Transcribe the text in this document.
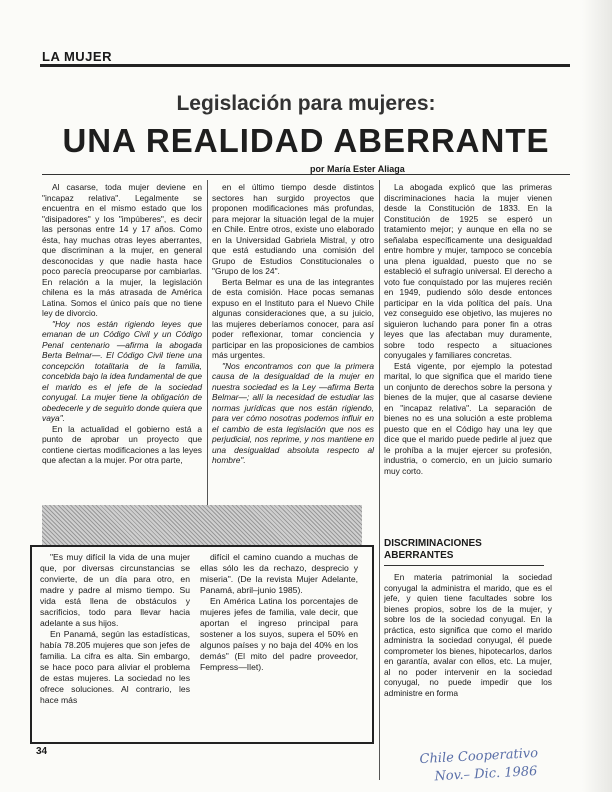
LA MUJER
Legislación para mujeres:
UNA REALIDAD ABERRANTE
por María Ester Aliaga

Al casarse, toda mujer deviene en "incapaz relativa". Legalmente se encuentra en el mismo estado que los "disipadores" y los "impúberes", es decir las personas entre 14 y 17 años. Como ésta, hay muchas otras leyes aberrantes, que discriminan a la mujer, en general desconocidas y que nadie hasta hace poco parecía preocuparse por cambiarlas. En relación a la mujer, la legislación chilena es la más atrasada de América Latina. Somos el único país que no tiene ley de divorcio.

"Hoy nos están rigiendo leyes que emanan de un Código Civil y un Código Penal centenario —afirma la abogada Berta Belmar—. El Código Civil tiene una concepción totalitaria de la familia, concebida bajo la idea fundamental de que el marido es el jefe de la sociedad conyugal. La mujer tiene la obligación de obedecerle y de seguirlo donde quiera que vaya".

En la actualidad el gobierno está a punto de aprobar un proyecto que contiene ciertas modificaciones a las leyes que afectan a la mujer. Por otra parte,

en el último tiempo desde distintos sectores han surgido proyectos que proponen modificaciones más profundas, para mejorar la situación legal de la mujer en Chile. Entre otros, existe uno elaborado en la Universidad Gabriela Mistral, y otro que está estudiando una comisión del Grupo de Estudios Constitucionales o "Grupo de los 24".

Berta Belmar es una de las integrantes de esta comisión. Hace pocas semanas expuso en el Instituto para el Nuevo Chile algunas consideraciones que, a su juicio, las mujeres deberíamos conocer, para así poder reflexionar, tomar conciencia y participar en las proposiciones de cambios más urgentes.

"Nos encontramos con que la primera causa de la desigualdad de la mujer en nuestra sociedad es la Ley —afirma Berta Belmar—; allí la necesidad de estudiar las normas jurídicas que nos están rigiendo, para ver cómo nosotras podemos influir en el cambio de esta legislación que nos es perjudicial, nos reprime, y nos mantiene en una desigualdad absoluta respecto al hombre".

La abogada explicó que las primeras discriminaciones hacia la mujer vienen desde la Constitución de 1833. En la Constitución de 1925 se esperó un tratamiento mejor; y aunque en ella no se señalaba específicamente una desigualdad entre hombre y mujer, tampoco se concebía una plena igualdad, puesto que no se estableció el sufragio universal. El derecho a voto fue conquistado por las mujeres recién en 1949, pudiendo sólo desde entonces participar en la vida política del país. Una vez conseguido ese objetivo, las mujeres no siguieron luchando para poner fin a otras leyes que las afectaban muy duramente, sobre todo respecto a situaciones conyugales y familiares concretas.

Está vigente, por ejemplo la potestad marital, lo que significa que el marido tiene un conjunto de derechos sobre la persona y bienes de la mujer, que al casarse deviene en "incapaz relativa". La separación de bienes no es una solución a este problema puesto que en el Código hay una ley que dice que el marido puede pedirle al juez que le prohíba a la mujer ejercer su profesión, industria, o comercio, en un juicio sumario muy corto.

DISCRIMINACIONES ABERRANTES

En materia patrimonial la sociedad conyugal la administra el marido, que es el jefe, y quien tiene facultades sobre los bienes propios, sobre los de la mujer, y sobre los de la sociedad conyugal. En la práctica, esto significa que como el marido administra la sociedad conyugal, él puede comprometer los bienes, hipotecarlos, darlos en garantía, avalar con ellos, etc. La mujer, al no poder intervenir en la sociedad conyugal, no puede impedir que los administre en forma

"Es muy difícil la vida de una mujer que, por diversas circunstancias se convierte, de un día para otro, en madre y padre al mismo tiempo. Su vida está llena de obstáculos y sacrificios, todo para llevar hacia adelante a sus hijos.

En Panamá, según las estadísticas, había 78.205 mujeres que son jefes de familia. La cifra es alta. Sin embargo, se hace poco para aliviar el problema de estas mujeres. La sociedad no les ofrece soluciones. Al contrario, les hace más

difícil el camino cuando a muchas de ellas sólo les da rechazo, desprecio y miseria". (De la revista Mujer Adelante, Panamá, abril–junio 1985).

En América Latina los porcentajes de mujeres jefes de familia, vale decir, que aportan el ingreso principal para sostener a los suyos, supera el 50% en algunos países y no baja del 40% en los demás" (El mito del padre proveedor, Fempress—Ilet).

34	Chile Cooperativo
Nov.– Dic. 1986
